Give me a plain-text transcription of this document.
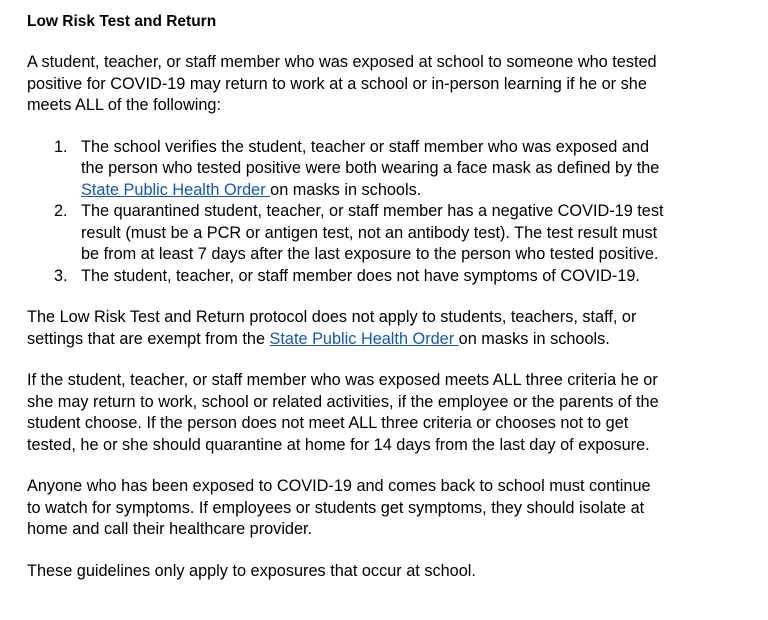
Low Risk Test and Return

A student, teacher, or staff member who was exposed at school to someone who tested
positive for COVID-19 may return to work at a school or in-person learning if he or she
meets ALL of the following:

1. The school verifies the student, teacher or staff member who was exposed and
the person who tested positive were both wearing a face mask as defined by the
State Public Health Order on masks in schools.
2. The quarantined student, teacher, or staff member has a negative COVID-19 test
result (must be a PCR or antigen test, not an antibody test). The test result must
be from at least 7 days after the last exposure to the person who tested positive.
3. The student, teacher, or staff member does not have symptoms of COVID-19.

The Low Risk Test and Return protocol does not apply to students, teachers, staff, or
settings that are exempt from the State Public Health Order on masks in schools.

If the student, teacher, or staff member who was exposed meets ALL three criteria he or
she may return to work, school or related activities, if the employee or the parents of the
student choose. If the person does not meet ALL three criteria or chooses not to get
tested, he or she should quarantine at home for 14 days from the last day of exposure.

Anyone who has been exposed to COVID-19 and comes back to school must continue
to watch for symptoms. If employees or students get symptoms, they should isolate at
home and call their healthcare provider.

These guidelines only apply to exposures that occur at school.
